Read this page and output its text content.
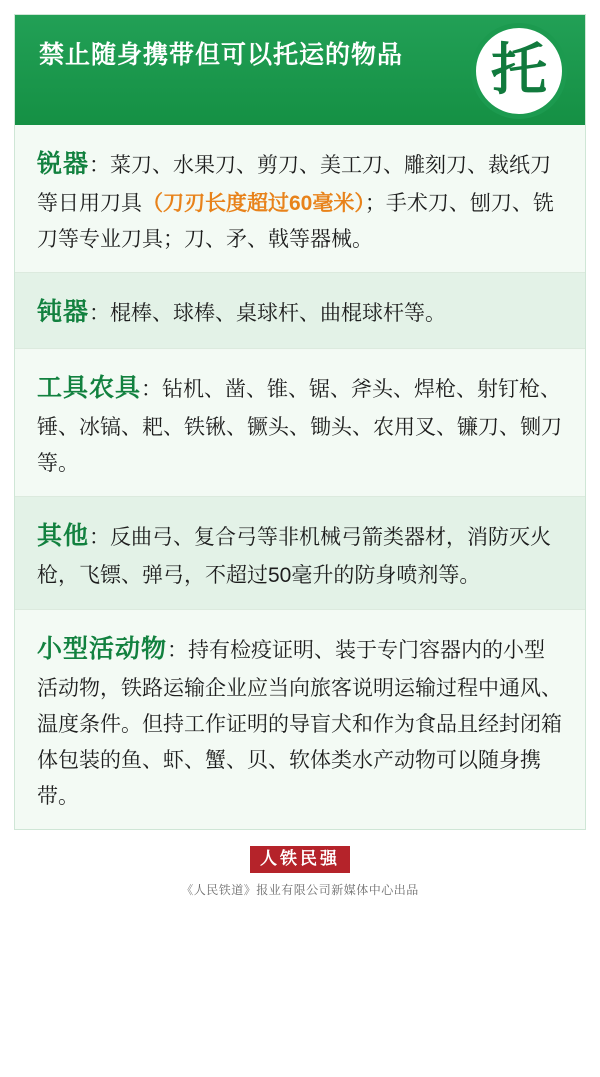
禁止随身携带但可以托运的物品	托
锐器：菜刀、水果刀、剪刀、美工刀、雕刻刀、裁纸刀等日用刀具（刀刃长度超过60毫米）；手术刀、刨刀、铣刀等专业刀具；刀、矛、戟等器械。
钝器：棍棒、球棒、桌球杆、曲棍球杆等。
工具农具：钻机、凿、锥、锯、斧头、焊枪、射钉枪、锤、冰镐、耙、铁锹、镢头、锄头、农用叉、镰刀、铡刀等。
其他：反曲弓、复合弓等非机械弓箭类器材，消防灭火枪，飞镖、弹弓，不超过50毫升的防身喷剂等。
小型活动物：持有检疫证明、装于专门容器内的小型活动物，铁路运输企业应当向旅客说明运输过程中通风、温度条件。但持工作证明的导盲犬和作为食品且经封闭箱体包装的鱼、虾、蟹、贝、软体类水产动物可以随身携带。
人铁民强
《人民铁道》报业有限公司新媒体中心出品
